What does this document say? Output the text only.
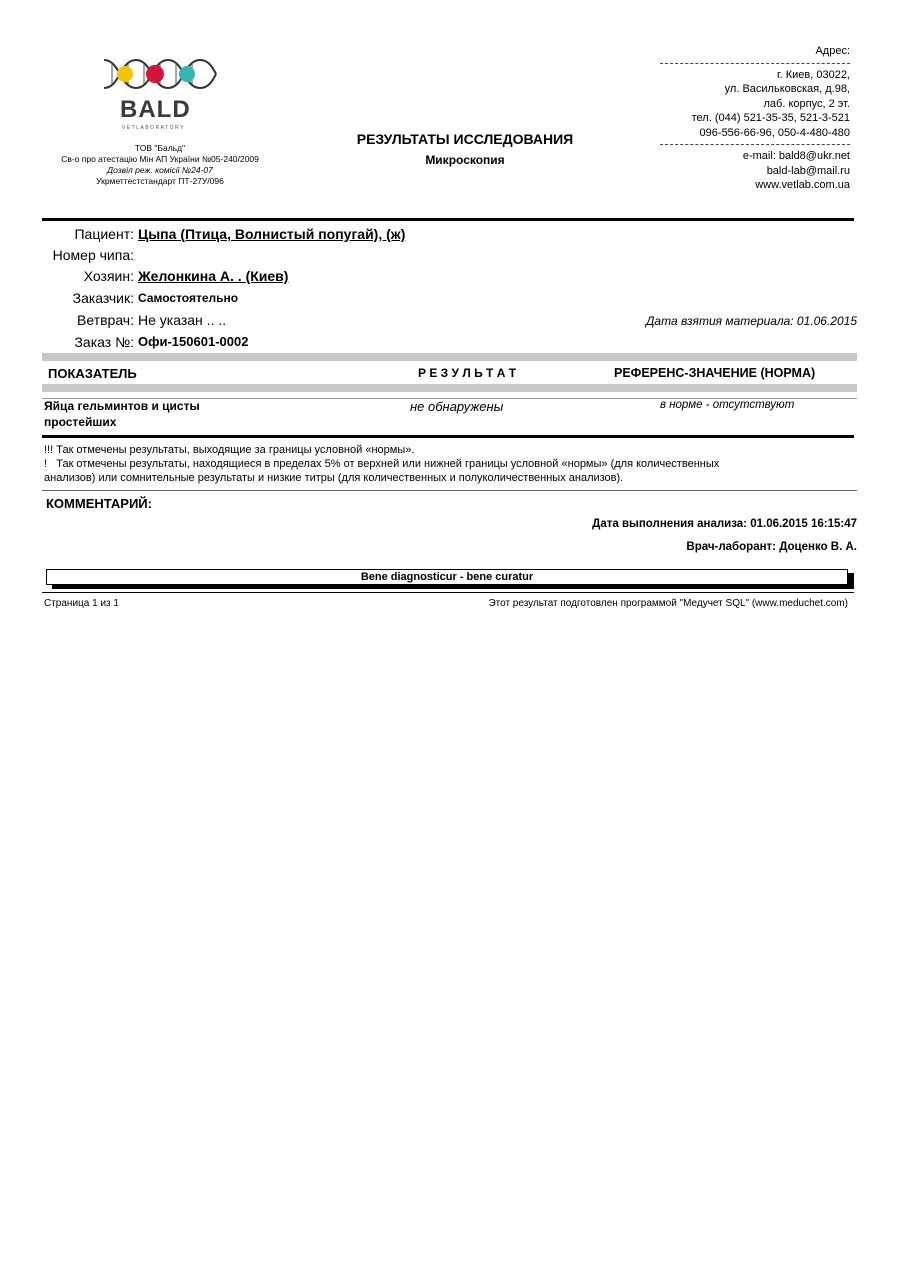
BALD
VETLABORATORY
ТОВ "Бальд"
Св-о про атестацію Мін АП України №05-240/2009
Дозвіл реж. комісії №24-07
Укрметтестстандарт ПТ-27У/096
РЕЗУЛЬТАТЫ ИССЛЕДОВАНИЯ
Микроскопия
Адрес:
г. Киев, 03022,
ул. Васильковская, д.98,
лаб. корпус, 2 эт.
тел. (044) 521-35-35, 521-3-521
096-556-66-96, 050-4-480-480
e-mail: bald8@ukr.net
bald-lab@mail.ru
www.vetlab.com.ua
Пациент: Цыпа (Птица, Волнистый попугай), (ж)
Номер чипа:
Хозяин: Желонкина А. . (Киев)
Заказчик: Самостоятельно
Ветврач: Не указан .. ..	Дата взятия материала: 01.06.2015
Заказ №: Офи-150601-0002
ПОКАЗАТЕЛЬ	Р Е З У Л Ь Т А Т	РЕФЕРЕНС-ЗНАЧЕНИЕ (НОРМА)
Яйца гельминтов и цисты
простейших
не обнаружены	в норме - отсутствуют
!!! Так отмечены результаты, выходящие за границы условной «нормы».
!   Так отмечены результаты, находящиеся в пределах 5% от верхней или нижней границы условной «нормы» (для количественных
анализов) или сомнительные результаты и низкие титры (для количественных и полуколичественных анализов).
КОММЕНТАРИЙ:
Дата выполнения анализа: 01.06.2015 16:15:47
Врач-лаборант: Доценко В. А.
Bene diagnosticur - bene curatur
Страница 1 из 1	Этот результат подготовлен программой "Медучет SQL" (www.meduchet.com)
